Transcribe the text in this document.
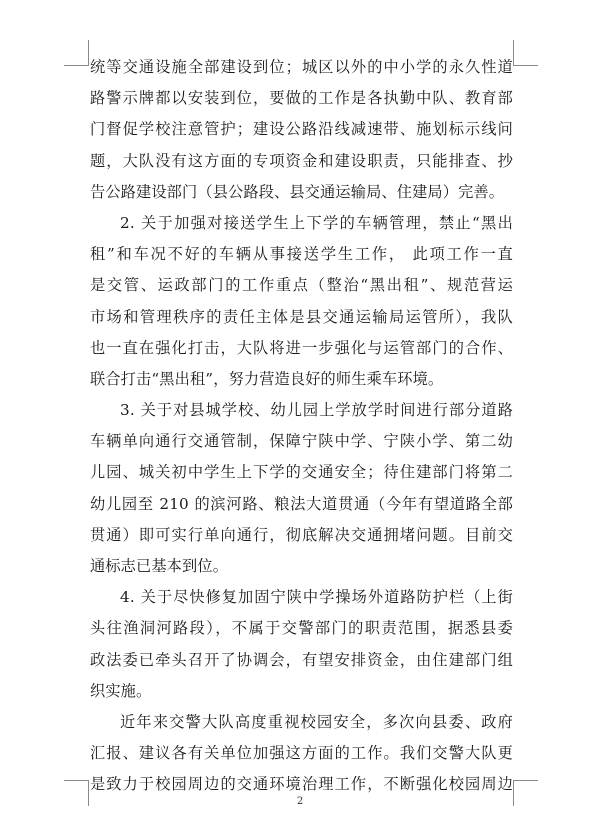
统等交通设施全部建设到位；城区以外的中小学的永久性道
路警示牌都以安装到位，要做的工作是各执勤中队、教育部
门督促学校注意管护；建设公路沿线减速带、施划标示线问
题，大队没有这方面的专项资金和建设职责，只能排查、抄
告公路建设部门（县公路段、县交通运输局、住建局）完善。
2. 关于加强对接送学生上下学的车辆管理，禁止“黑出
租”和车况不好的车辆从事接送学生工作， 此项工作一直
是交管、运政部门的工作重点（整治“黑出租”、规范营运
市场和管理秩序的责任主体是县交通运输局运管所），我队
也一直在强化打击，大队将进一步强化与运管部门的合作、
联合打击“黑出租”，努力营造良好的师生乘车环境。
3. 关于对县城学校、幼儿园上学放学时间进行部分道路
车辆单向通行交通管制，保障宁陕中学、宁陕小学、第二幼
儿园、城关初中学生上下学的交通安全；待住建部门将第二
幼儿园至 210 的滨河路、粮法大道贯通（今年有望道路全部
贯通）即可实行单向通行，彻底解决交通拥堵问题。目前交
通标志已基本到位。
4. 关于尽快修复加固宁陕中学操场外道路防护栏（上街
头往渔洞河路段），不属于交警部门的职责范围，据悉县委
政法委已牵头召开了协调会，有望安排资金，由住建部门组
织实施。
近年来交警大队高度重视校园安全，多次向县委、政府
汇报、建议各有关单位加强这方面的工作。我们交警大队更
是致力于校园周边的交通环境治理工作，不断强化校园周边
2
